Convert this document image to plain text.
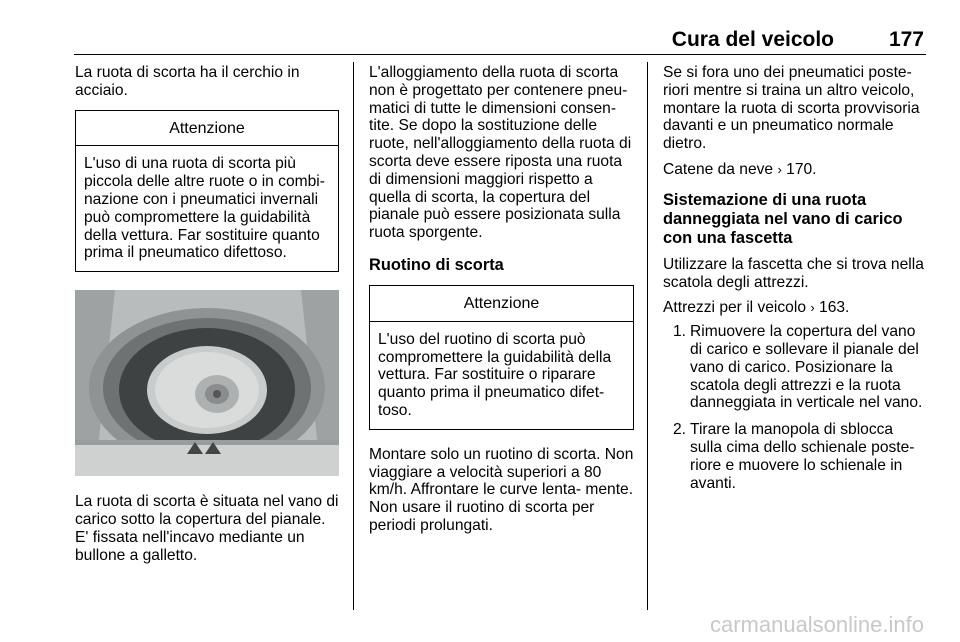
Cura del veicolo	177

La ruota di scorta ha il cerchio in acciaio.

Attenzione
L'uso di una ruota di scorta più piccola delle altre ruote o in combi- nazione con i pneumatici invernali può compromettere la guidabilità della vettura. Far sostituire quanto prima il pneumatico difettoso.

La ruota di scorta è situata nel vano di carico sotto la copertura del pianale. E' fissata nell'incavo mediante un bullone a galletto.

L'alloggiamento della ruota di scorta non è progettato per contenere pneu- matici di tutte le dimensioni consen- tite. Se dopo la sostituzione delle ruote, nell'alloggiamento della ruota di scorta deve essere riposta una ruota di dimensioni maggiori rispetto a quella di scorta, la copertura del pianale può essere posizionata sulla ruota sporgente.

Ruotino di scorta
Attenzione
L'uso del ruotino di scorta può compromettere la guidabilità della vettura. Far sostituire o riparare quanto prima il pneumatico difet- toso.

Montare solo un ruotino di scorta. Non viaggiare a velocità superiori a 80 km/h. Affrontare le curve lenta- mente. Non usare il ruotino di scorta per periodi prolungati.

Se si fora uno dei pneumatici poste- riori mentre si traina un altro veicolo, montare la ruota di scorta provvisoria davanti e un pneumatico normale dietro.

Catene da neve › 170.

Sistemazione di una ruota danneggiata nel vano di carico con una fascetta

Utilizzare la fascetta che si trova nella scatola degli attrezzi.

Attrezzi per il veicolo › 163.

1. Rimuovere la copertura del vano di carico e sollevare il pianale del vano di carico. Posizionare la scatola degli attrezzi e la ruota danneggiata in verticale nel vano.
2. Tirare la manopola di sblocca sulla cima dello schienale poste- riore e muovere lo schienale in avanti.
carmanualsonline.info
